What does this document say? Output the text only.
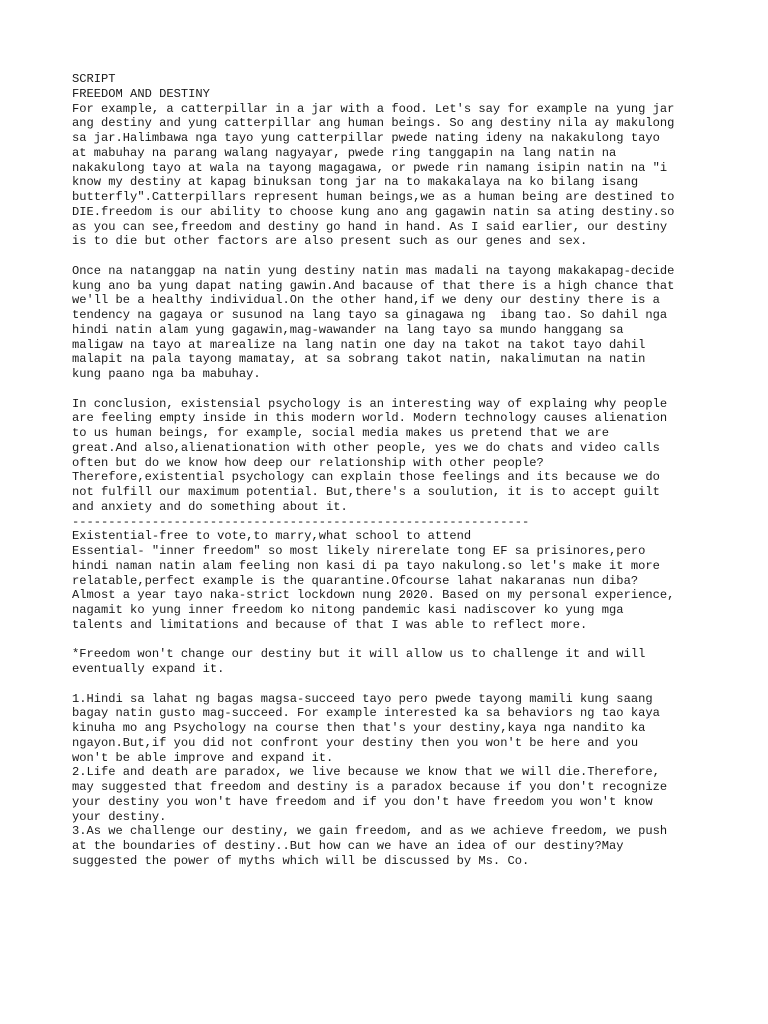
SCRIPT
FREEDOM AND DESTINY
For example, a catterpillar in a jar with a food. Let's say for example na yung jar
ang destiny and yung catterpillar ang human beings. So ang destiny nila ay makulong
sa jar.Halimbawa nga tayo yung catterpillar pwede nating ideny na nakakulong tayo
at mabuhay na parang walang nagyayar, pwede ring tanggapin na lang natin na
nakakulong tayo at wala na tayong magagawa, or pwede rin namang isipin natin na "i
know my destiny at kapag binuksan tong jar na to makakalaya na ko bilang isang
butterfly".Catterpillars represent human beings,we as a human being are destined to
DIE.freedom is our ability to choose kung ano ang gagawin natin sa ating destiny.so
as you can see,freedom and destiny go hand in hand. As I said earlier, our destiny
is to die but other factors are also present such as our genes and sex.
Once na natanggap na natin yung destiny natin mas madali na tayong makakapag-decide
kung ano ba yung dapat nating gawin.And bacause of that there is a high chance that
we'll be a healthy individual.On the other hand,if we deny our destiny there is a
tendency na gagaya or susunod na lang tayo sa ginagawa ng  ibang tao. So dahil nga
hindi natin alam yung gagawin,mag-wawander na lang tayo sa mundo hanggang sa
maligaw na tayo at marealize na lang natin one day na takot na takot tayo dahil
malapit na pala tayong mamatay, at sa sobrang takot natin, nakalimutan na natin
kung paano nga ba mabuhay.
In conclusion, existensial psychology is an interesting way of explaing why people
are feeling empty inside in this modern world. Modern technology causes alienation
to us human beings, for example, social media makes us pretend that we are
great.And also,alienationation with other people, yes we do chats and video calls
often but do we know how deep our relationship with other people?
Therefore,existential psychology can explain those feelings and its because we do
not fulfill our maximum potential. But,there's a soulution, it is to accept guilt
and anxiety and do something about it.
---------------------------------------------------------------
Existential-free to vote,to marry,what school to attend
Essential- "inner freedom" so most likely nirerelate tong EF sa prisinores,pero
hindi naman natin alam feeling non kasi di pa tayo nakulong.so let's make it more
relatable,perfect example is the quarantine.Ofcourse lahat nakaranas nun diba?
Almost a year tayo naka-strict lockdown nung 2020. Based on my personal experience,
nagamit ko yung inner freedom ko nitong pandemic kasi nadiscover ko yung mga
talents and limitations and because of that I was able to reflect more.
*Freedom won't change our destiny but it will allow us to challenge it and will
eventually expand it.
1.Hindi sa lahat ng bagas magsa-succeed tayo pero pwede tayong mamili kung saang
bagay natin gusto mag-succeed. For example interested ka sa behaviors ng tao kaya
kinuha mo ang Psychology na course then that's your destiny,kaya nga nandito ka
ngayon.But,if you did not confront your destiny then you won't be here and you
won't be able improve and expand it.
2.Life and death are paradox, we live because we know that we will die.Therefore,
may suggested that freedom and destiny is a paradox because if you don't recognize
your destiny you won't have freedom and if you don't have freedom you won't know
your destiny.
3.As we challenge our destiny, we gain freedom, and as we achieve freedom, we push
at the boundaries of destiny..But how can we have an idea of our destiny?May
suggested the power of myths which will be discussed by Ms. Co.
